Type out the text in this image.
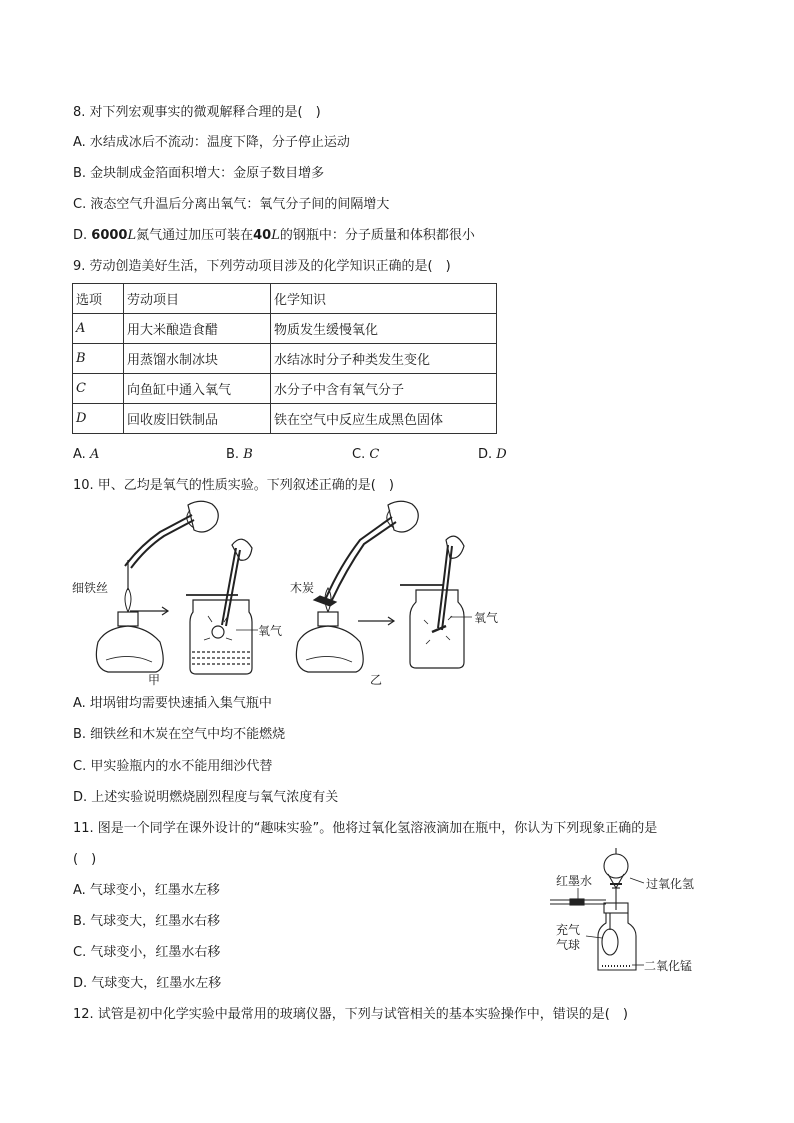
8. 对下列宏观事实的微观解释合理的是(　)
A. 水结成冰后不流动：温度下降，分子停止运动
B. 金块制成金箔面积增大：金原子数目增多
C. 液态空气升温后分离出氧气：氧气分子间的间隔增大
D. 6000L氮气通过加压可装在40L的钢瓶中：分子质量和体积都很小
9. 劳动创造美好生活，下列劳动项目涉及的化学知识正确的是(　)
选项	劳动项目	化学知识
A	用大米酿造食醋	物质发生缓慢氧化
B	用蒸馏水制冰块	水结冰时分子种类发生变化
C	向鱼缸中通入氧气	水分子中含有氧气分子
D	回收废旧铁制品	铁在空气中反应生成黑色固体
A. A	B. B	C. C	D. D
10. 甲、乙均是氧气的性质实验。下列叙述正确的是(　)
细铁丝
氧气
甲
木炭
氧气
乙
A. 坩埚钳均需要快速插入集气瓶中
B. 细铁丝和木炭在空气中均不能燃烧
C. 甲实验瓶内的水不能用细沙代替
D. 上述实验说明燃烧剧烈程度与氧气浓度有关
11. 图是一个同学在课外设计的“趣味实验”。他将过氧化氢溶液滴加在瓶中，你认为下列现象正确的是
(　)
A. 气球变小，红墨水左移
B. 气球变大，红墨水右移
C. 气球变小，红墨水右移
D. 气球变大，红墨水左移
红墨水	过氧化氢
充气
气球
二氧化锰
12. 试管是初中化学实验中最常用的玻璃仪器，下列与试管相关的基本实验操作中，错误的是(　)
